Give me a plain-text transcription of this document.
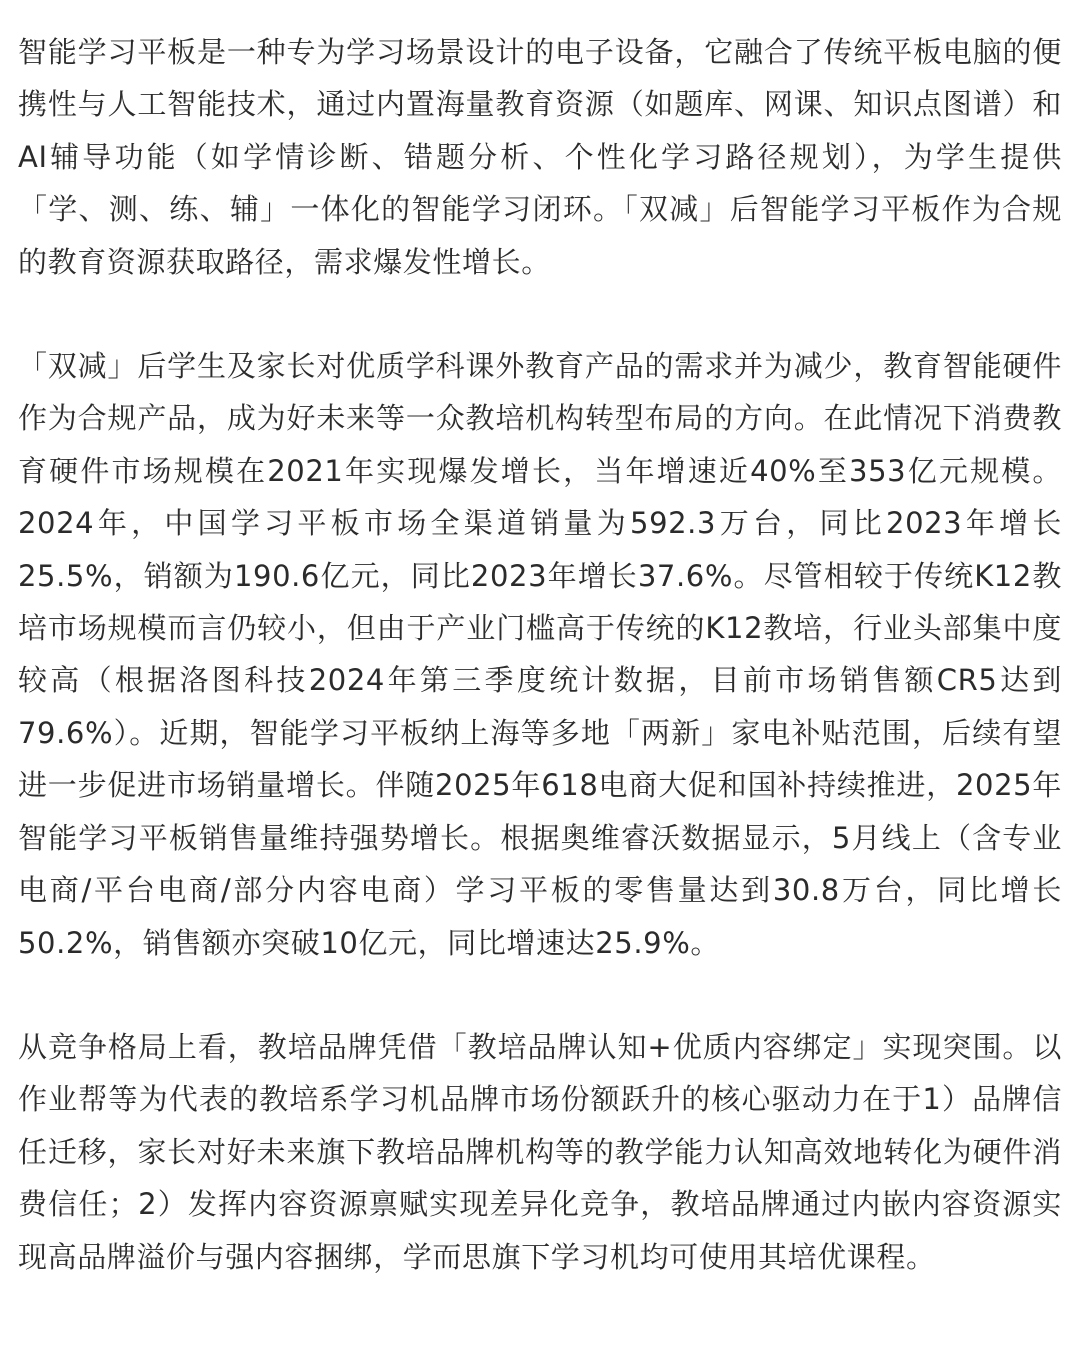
智能学习平板是一种专为学习场景设计的电子设备，它融合了传统平板电脑的便携性与人工智能技术，通过内置海量教育资源（如题库、网课、知识点图谱）和AI辅导功能（如学情诊断、错题分析、个性化学习路径规划），为学生提供「学、测、练、辅」一体化的智能学习闭环。「双减」后智能学习平板作为合规的教育资源获取路径，需求爆发性增长。

「双减」后学生及家长对优质学科课外教育产品的需求并为减少，教育智能硬件作为合规产品，成为好未来等一众教培机构转型布局的方向。在此情况下消费教育硬件市场规模在2021年实现爆发增长，当年增速近40%至353亿元规模。2024年，中国学习平板市场全渠道销量为592.3万台，同比2023年增长25.5%，销额为190.6亿元，同比2023年增长37.6%。尽管相较于传统K12教培市场规模而言仍较小，但由于产业门槛高于传统的K12教培，行业头部集中度较高（根据洛图科技2024年第三季度统计数据，目前市场销售额CR5达到79.6%）。近期，智能学习平板纳上海等多地「两新」家电补贴范围，后续有望进一步促进市场销量增长。伴随2025年618电商大促和国补持续推进，2025年智能学习平板销售量维持强势增长。根据奥维睿沃数据显示，5月线上（含专业电商/平台电商/部分内容电商）学习平板的零售量达到30.8万台，同比增长50.2%，销售额亦突破10亿元，同比增速达25.9%。

从竞争格局上看，教培品牌凭借「教培品牌认知+优质内容绑定」实现突围。以作业帮等为代表的教培系学习机品牌市场份额跃升的核心驱动力在于1）品牌信任迁移，家长对好未来旗下教培品牌机构等的教学能力认知高效地转化为硬件消费信任；2）发挥内容资源禀赋实现差异化竞争，教培品牌通过内嵌内容资源实现高品牌溢价与强内容捆绑，学而思旗下学习机均可使用其培优课程。
